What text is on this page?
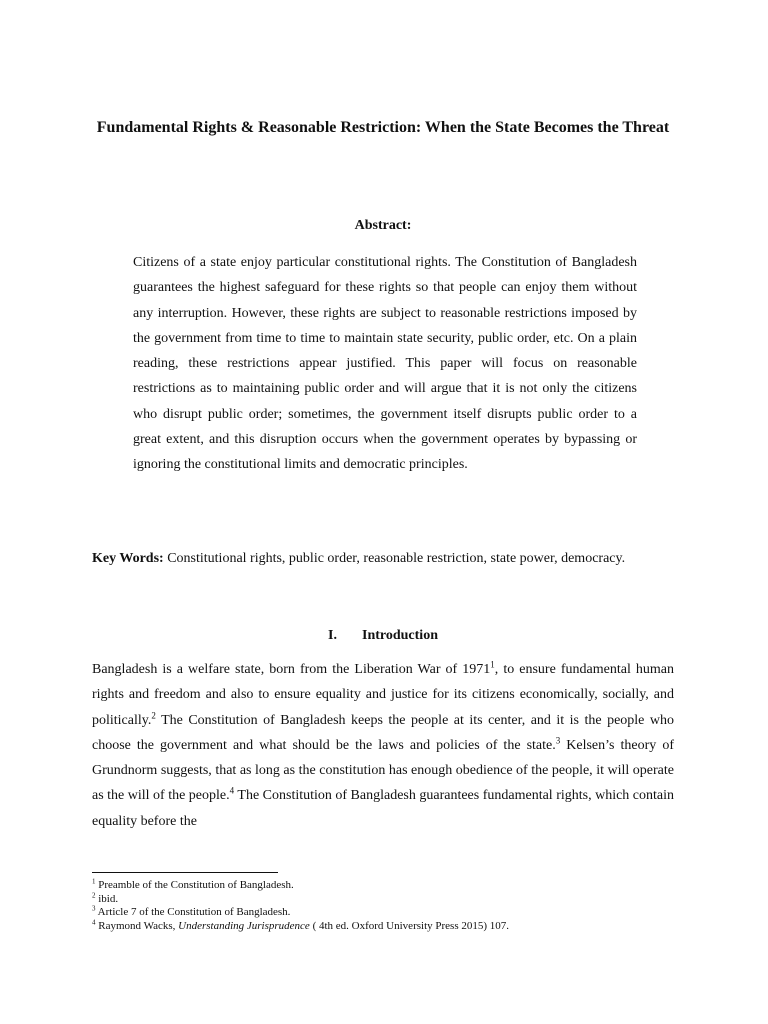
Fundamental Rights & Reasonable Restriction: When the State Becomes the Threat
Abstract:

Citizens of a state enjoy particular constitutional rights. The Constitution of Bangladesh guarantees the highest safeguard for these rights so that people can enjoy them without any interruption. However, these rights are subject to reasonable restrictions imposed by the government from time to time to maintain state security, public order, etc. On a plain reading, these restrictions appear justified. This paper will focus on reasonable restrictions as to maintaining public order and will argue that it is not only the citizens who disrupt public order; sometimes, the government itself disrupts public order to a great extent, and this disruption occurs when the government operates by bypassing or ignoring the constitutional limits and democratic principles.

Key Words: Constitutional rights, public order, reasonable restriction, state power, democracy.

I. Introduction

Bangladesh is a welfare state, born from the Liberation War of 1971$^1$, to ensure fundamental human rights and freedom and also to ensure equality and justice for its citizens economically, socially, and politically.$^2$ The Constitution of Bangladesh keeps the people at its center, and it is the people who choose the government and what should be the laws and policies of the state.$^3$ Kelsen’s theory of Grundnorm suggests, that as long as the constitution has enough obedience of the people, it will operate as the will of the people.$^4$ The Constitution of Bangladesh guarantees fundamental rights, which contain equality before the

$^1$ Preamble of the Constitution of Bangladesh.
$^2$ ibid.
$^3$ Article 7 of the Constitution of Bangladesh.
$^4$ Raymond Wacks, Understanding Jurisprudence ( 4th ed. Oxford University Press 2015) 107.
